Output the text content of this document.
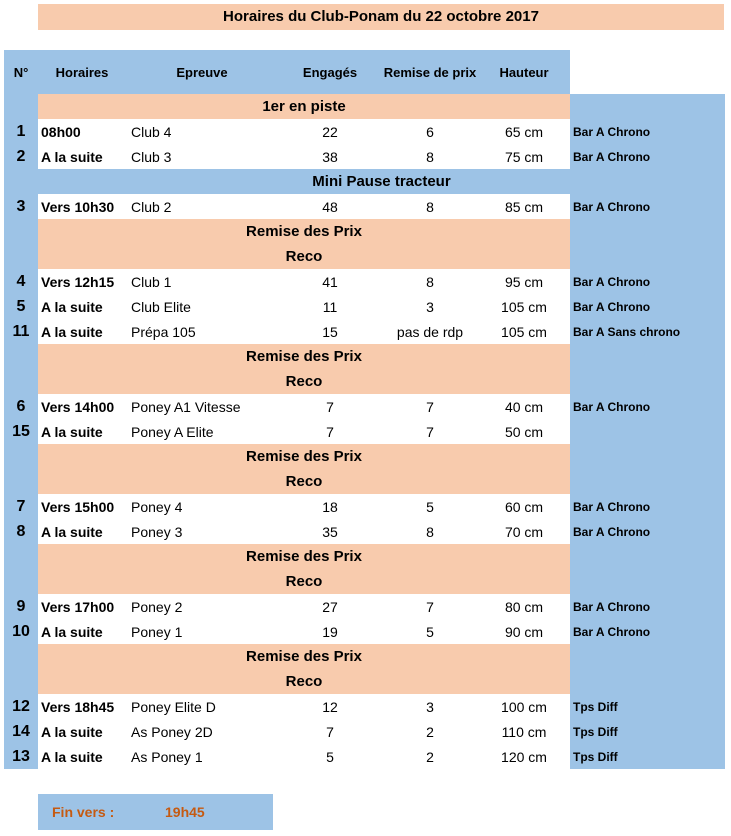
Horaires du Club-Ponam du 22 octobre 2017
N°	Horaires	Epreuve	Engagés	Remise de prix	Hauteur	
	1er en piste					
1	08h00	Club 4	22	6	65 cm	Bar A Chrono
2	A la suite	Club 3	38	8	75 cm	Bar A Chrono
	Mini Pause tracteur					
3	Vers 10h30	Club 2	48	8	85 cm	Bar A Chrono
	Remise des Prix					
	Reco					
4	Vers 12h15	Club 1	41	8	95 cm	Bar A Chrono
5	A la suite	Club Elite	11	3	105 cm	Bar A Chrono
11	A la suite	Prépa 105	15	pas de rdp	105 cm	Bar A Sans chrono
	Remise des Prix					
	Reco					
6	Vers 14h00	Poney A1 Vitesse	7	7	40 cm	Bar A Chrono
15	A la suite	Poney A Elite	7	7	50 cm	
	Remise des Prix					
	Reco					
7	Vers 15h00	Poney 4	18	5	60 cm	Bar A Chrono
8	A la suite	Poney 3	35	8	70 cm	Bar A Chrono
	Remise des Prix					
	Reco					
9	Vers 17h00	Poney 2	27	7	80 cm	Bar A Chrono
10	A la suite	Poney 1	19	5	90 cm	Bar A Chrono
	Remise des Prix					
	Reco					
12	Vers 18h45	Poney Elite D	12	3	100 cm	Tps Diff
14	A la suite	As Poney 2D	7	2	110 cm	Tps Diff
13	A la suite	As Poney 1	5	2	120 cm	Tps Diff
Fin vers :	19h45
